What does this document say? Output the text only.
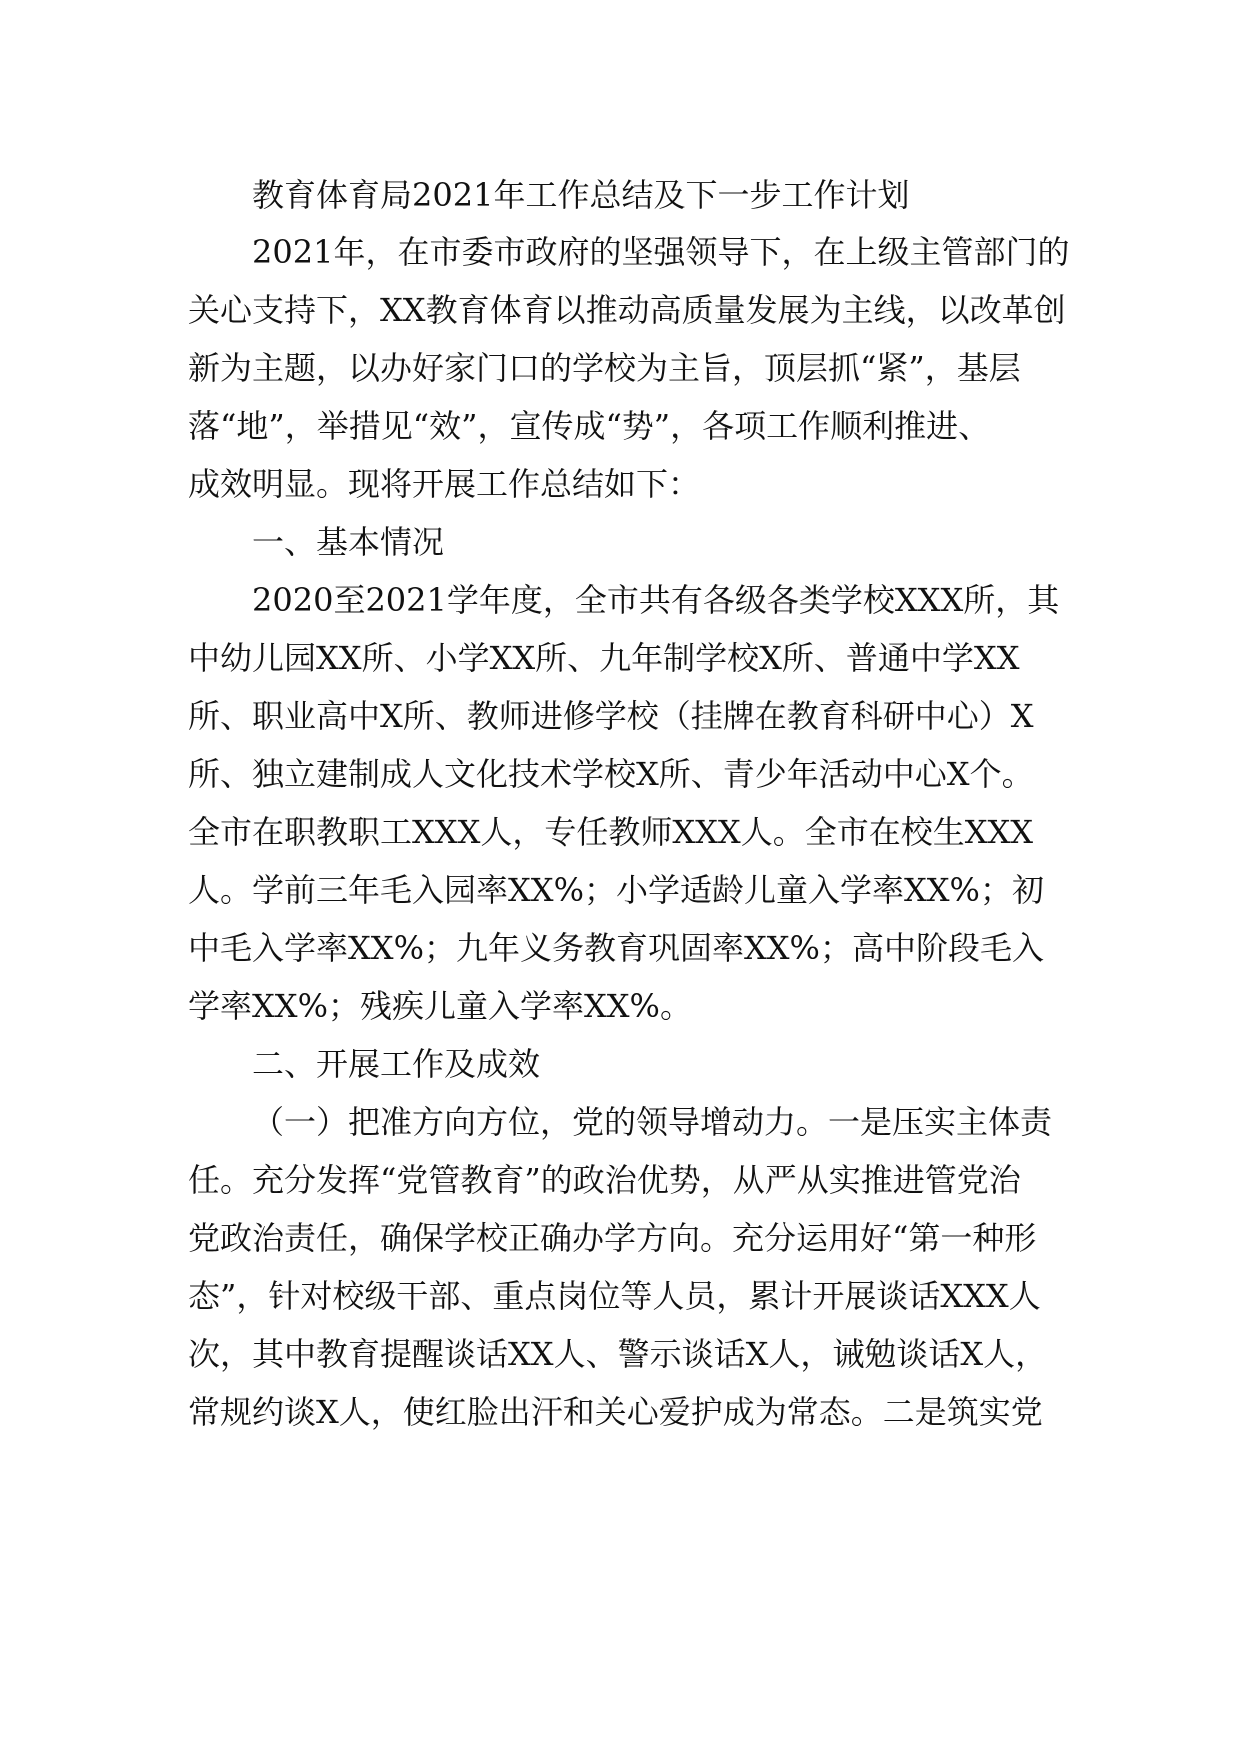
教育体育局2021年工作总结及下一步工作计划
2021年，在市委市政府的坚强领导下，在上级主管部门的
关心支持下，XX教育体育以推动高质量发展为主线，以改革创
新为主题，以办好家门口的学校为主旨，顶层抓“紧”，基层
落“地”，举措见“效”，宣传成“势”，各项工作顺利推进、
成效明显。现将开展工作总结如下：
一、基本情况
2020至2021学年度，全市共有各级各类学校XXX所，其
中幼儿园XX所、小学XX所、九年制学校X所、普通中学XX
所、职业高中X所、教师进修学校（挂牌在教育科研中心）X
所、独立建制成人文化技术学校X所、青少年活动中心X个。
全市在职教职工XXX人，专任教师XXX人。全市在校生XXX
人。学前三年毛入园率XX%；小学适龄儿童入学率XX%；初
中毛入学率XX%；九年义务教育巩固率XX%；高中阶段毛入
学率XX%；残疾儿童入学率XX%。
二、开展工作及成效
（一）把准方向方位，党的领导增动力。一是压实主体责
任。充分发挥“党管教育”的政治优势，从严从实推进管党治
党政治责任，确保学校正确办学方向。充分运用好“第一种形
态”，针对校级干部、重点岗位等人员，累计开展谈话XXX人
次，其中教育提醒谈话XX人、警示谈话X人，诫勉谈话X人，
常规约谈X人，使红脸出汗和关心爱护成为常态。二是筑实党
